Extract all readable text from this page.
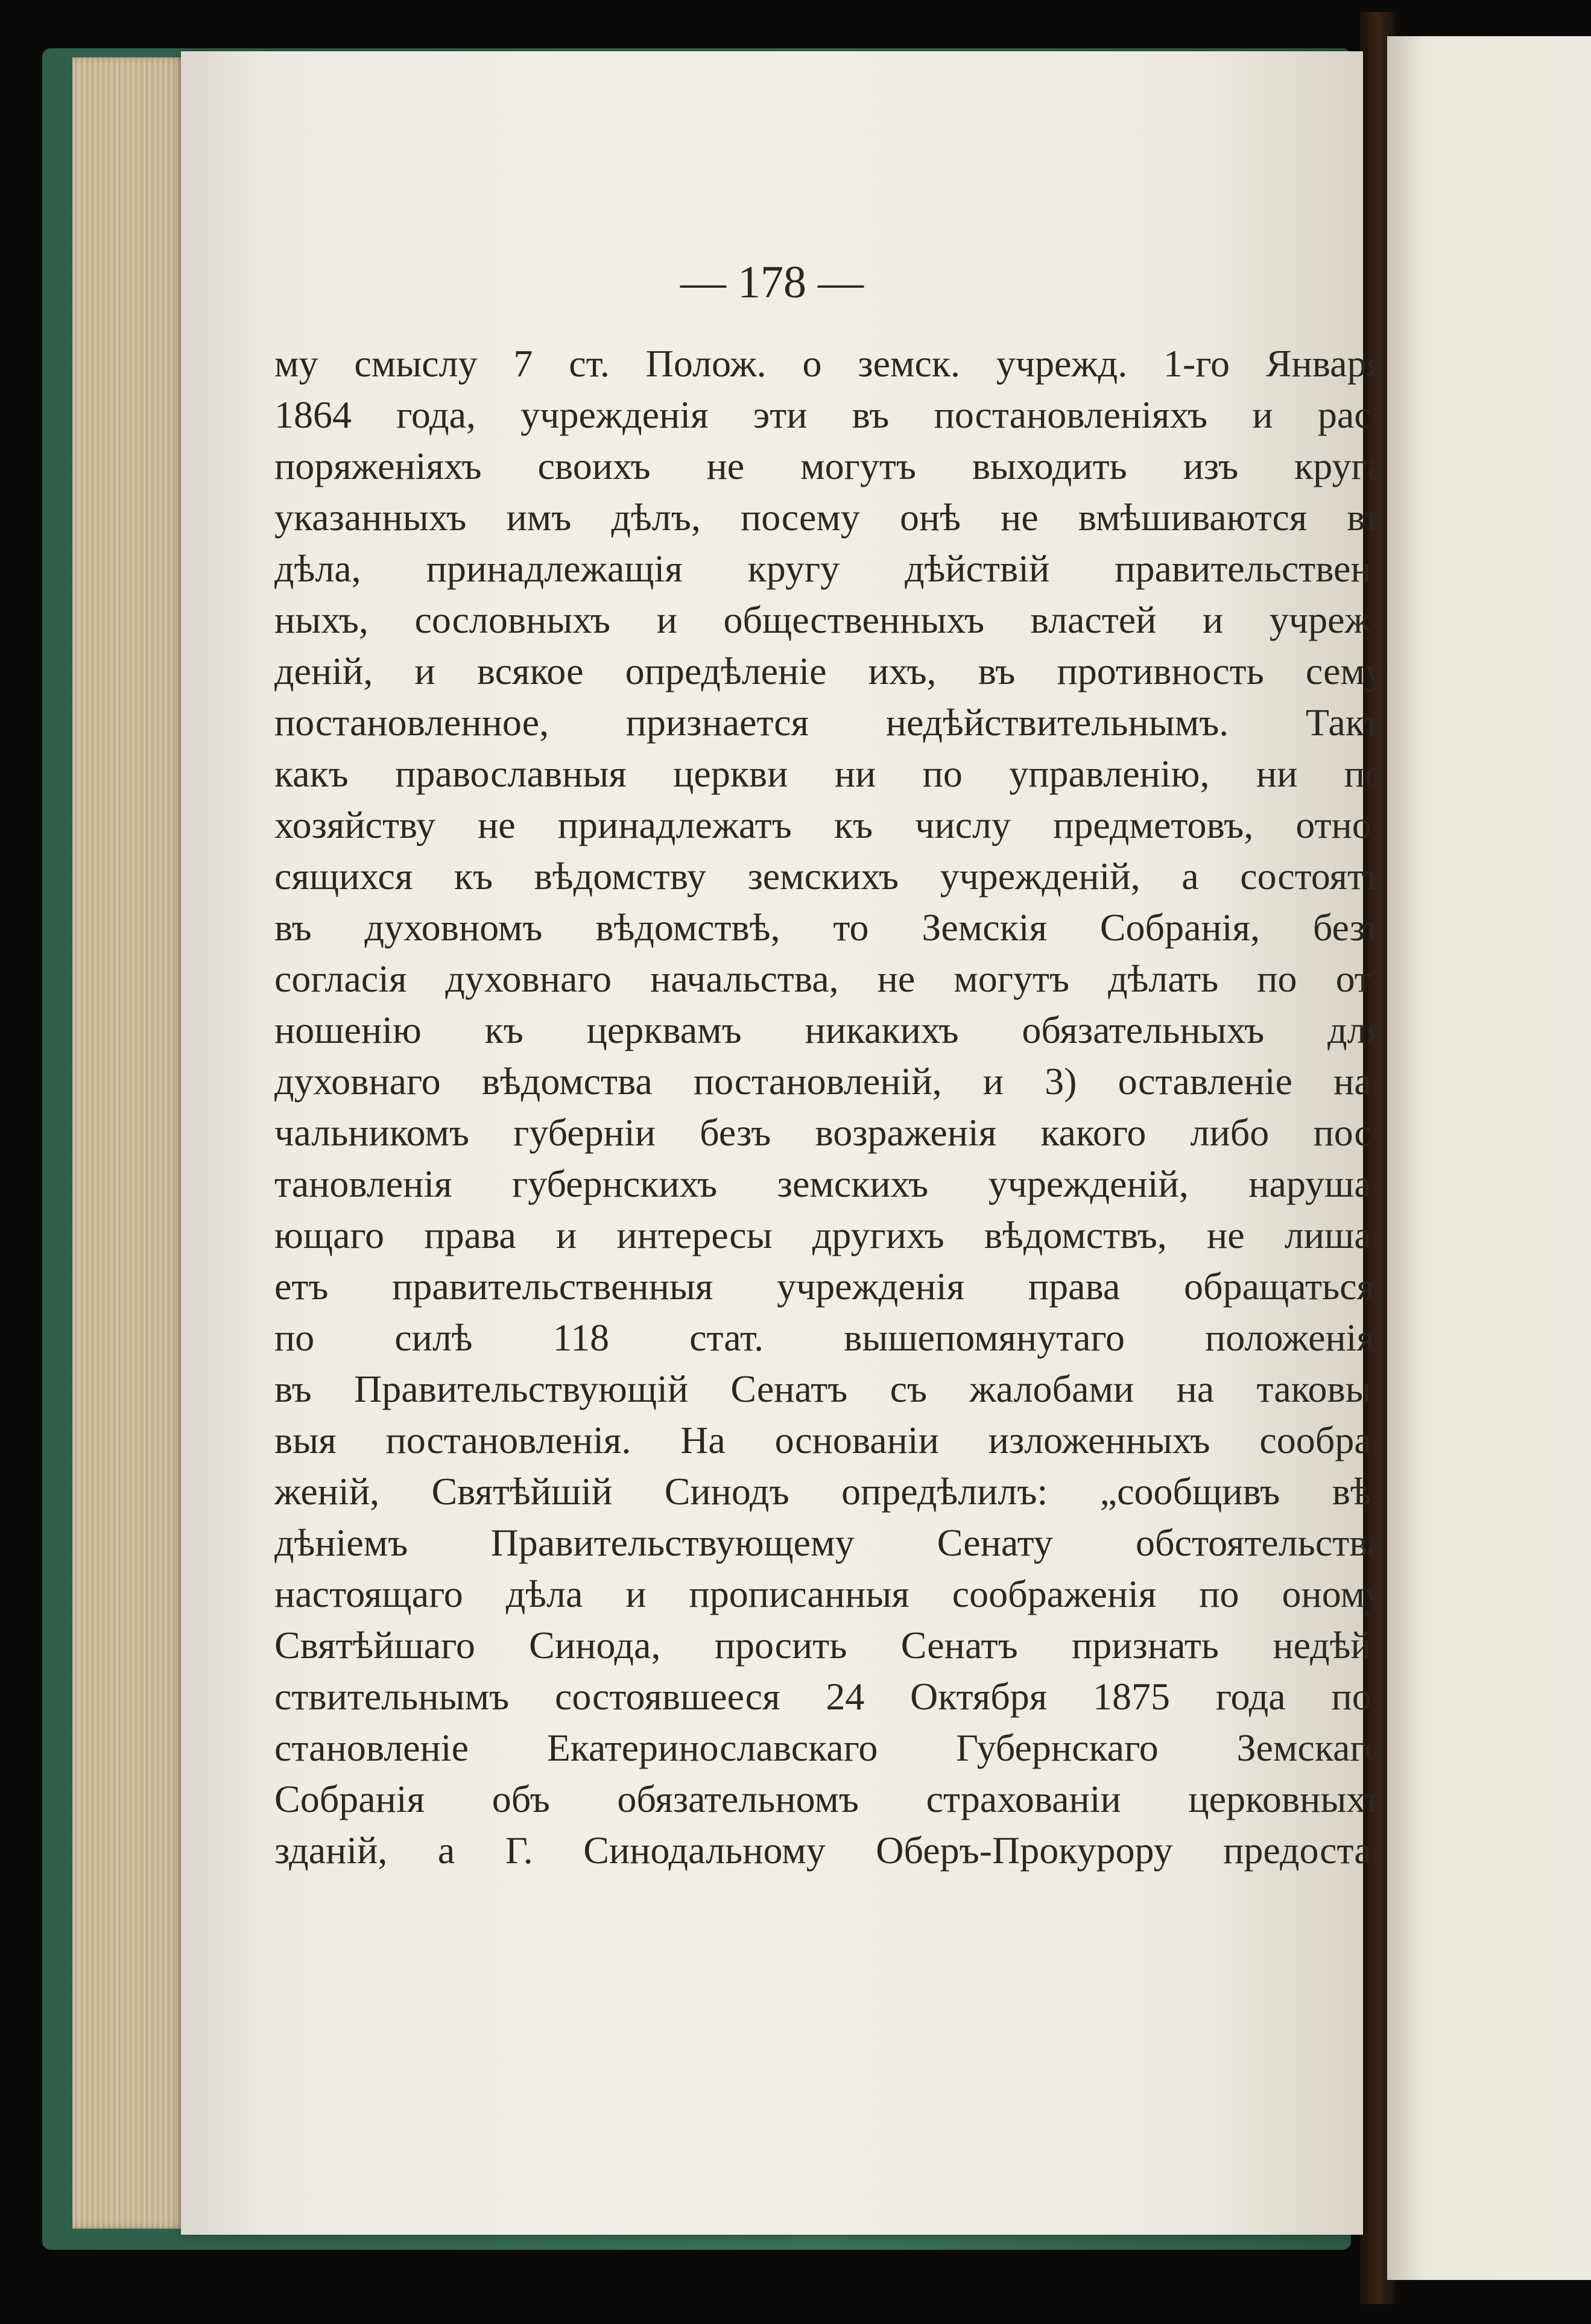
— 178 —
му смыслу 7 ст. Полож. о земск. учрежд. 1-го Января
1864 года, учрежденія эти въ постановленіяхъ и рас-
поряженіяхъ своихъ не могутъ выходить изъ круга
указанныхъ имъ дѣлъ, посему онѣ не вмѣшиваются въ
дѣла, принадлежащія кругу дѣйствій правительствен-
ныхъ, сословныхъ и общественныхъ властей и учреж-
деній, и всякое опредѣленіе ихъ, въ противность сему
постановленное, признается недѣйствительнымъ. Такъ
какъ православныя церкви ни по управленію, ни по
хозяйству не принадлежатъ къ числу предметовъ, отно-
сящихся къ вѣдомству земскихъ учрежденій, а состоятъ
въ духовномъ вѣдомствѣ, то Земскія Собранія, безъ
согласія духовнаго начальства, не могутъ дѣлать по от-
ношенію къ церквамъ никакихъ обязательныхъ для
духовнаго вѣдомства постановленій, и 3) оставленіе на-
чальникомъ губерніи безъ возраженія какого либо пос-
тановленія губернскихъ земскихъ учрежденій, наруша-
ющаго права и интересы другихъ вѣдомствъ, не лиша-
етъ правительственныя учрежденія права обращаться,
по силѣ 118 стат. вышепомянутаго положенія,
въ Правительствующій Сенатъ съ жалобами на таковы-
выя постановленія. На основаніи изложенныхъ сообра-
женій, Святѣйшій Синодъ опредѣлилъ: „сообщивъ вѣ-
дѣніемъ Правительствующему Сенату обстоятельства
настоящаго дѣла и прописанныя соображенія по оному
Святѣйшаго Синода, просить Сенатъ признать недѣй-
ствительнымъ состоявшееся 24 Октября 1875 года по-
становленіе Екатеринославскаго Губернскаго Земскаго
Собранія объ обязательномъ страхованіи церковныхъ
зданій, а Г. Синодальному Оберъ-Прокурору предоста-
